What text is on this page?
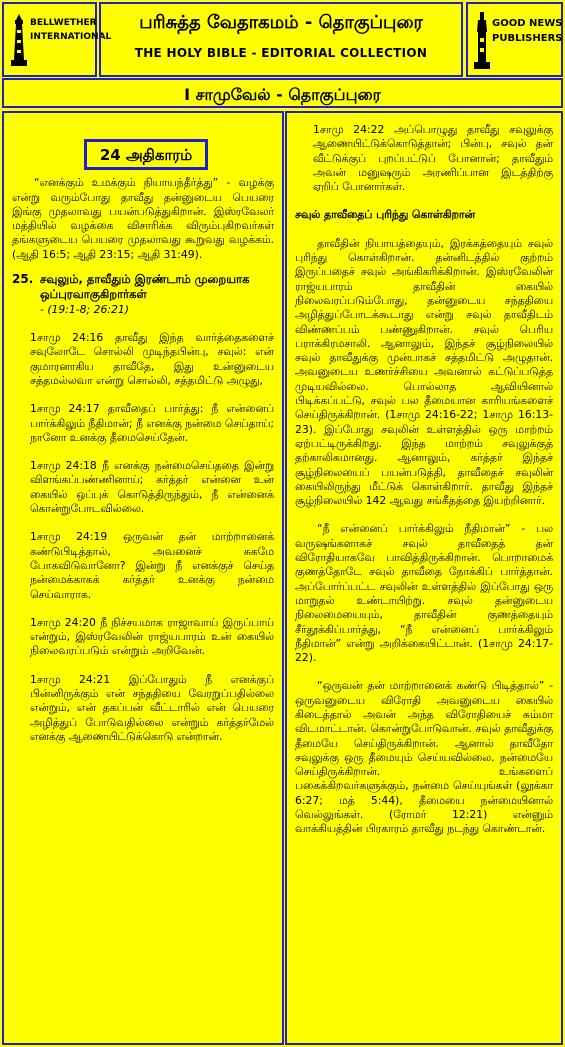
BELLWETHER
INTERNATIONAL
பரிசுத்த வேதாகமம் - தொகுப்புரை
THE HOLY BIBLE - EDITORIAL COLLECTION
GOOD NEWS
PUBLISHERS
I சாமுவேல் - தொகுப்புரை
24 அதிகாரம்

“எனக்கும் உமக்கும் நியாயந்தீர்த்து” - வழக்கு என்று வரும்போது தாவீது தன்னுடைய பெயரை இங்கு முதலாவது பயன்படுத்துகிறான். இஸ்ரவேலர் மத்தியில் வழக்கை விசாரிக்க விரும்புகிறவர்கள் தங்களுடைய பெயரை முதலாவது கூறுவது வழக்கம். (ஆதி 16:5; ஆதி 23:15; ஆதி 31:49).

25. சவுலும், தாவீதும் இரண்டாம் முறையாக ஒப்புரவாகுகிறார்கள்
- (19:1-8; 26:21)

1சாமு 24:16 தாவீது இந்த வார்த்தைகளைச் சவுலோடே சொல்லி முடிந்தபின்பு, சவுல்: என் குமாரனாகிய தாவீதே, இது உன்னுடைய சத்தமல்லவா என்று சொல்லி, சத்தமிட்டு அழுது,

1சாமு 24:17 தாவீதைப் பார்த்து: நீ என்னைப் பார்க்கிலும் நீதிமான்; நீ எனக்கு நன்மை செய்தாய்; நானோ உனக்கு தீமைசெய்தேன்.

1சாமு 24:18 நீ எனக்கு நன்மைசெய்ததை இன்று விளங்கப்பண்ணினாய்; கர்த்தர் என்னை உன் கையில் ஒப்புக் கொடுத்திருந்தும், நீ என்னைக் கொன்றுபோடவில்லை.

1சாமு 24:19 ஒருவன் தன் மாற்றானைக் கண்டுபிடித்தால், அவனைச் சுகமே போகவிடுவானோ? இன்று நீ எனக்குச் செய்த நன்மைக்காகக் கர்த்தர் உனக்கு நன்மை செய்வாராக.

1சாமு 24:20 நீ நிச்சயமாக ராஜாவாய் இருப்பாய் என்றும், இஸ்ரவேலின் ராஜ்யபாரம் உன் கையில் நிலைவரப்படும் என்றும் அறிவேன்.

1சாமு 24:21 இப்போதும் நீ எனக்குப் பின்னிருக்கும் என் சந்ததியை வேரறுப்பதில்லை என்றும், என் தகப்பன் வீட்டாரில் என் பெயரை அழித்துப் போடுவதில்லை என்றும் கர்த்தர்மேல் எனக்கு ஆணையிட்டுக்கொடு என்றான்.

1சாமு 24:22 அப்பொழுது தாவீது சவுலுக்கு ஆணையிட்டுக்கொடுத்தான்; பின்பு, சவுல் தன் வீட்டுக்குப் புறப்பட்டுப் போனான்; தாவீதும் அவன் மனுஷரும் அரணிப்பான இடத்திற்கு ஏறிப் போனார்கள்.

சவுல் தாவீதைப் புரிந்து கொள்கிறான்

தாவீதின் நியாயத்தையும், இரக்கத்தையும் சவுல் புரிந்து கொள்கிறான். தன்னிடத்தில் குற்றம் இருப்பதைச் சவுல் அங்கிகரிக்கிறான். இஸ்ரவேலின் ராஜ்யபாரம் தாவீதின் கையில் நிலைவரப்படும்போது, தன்னுடைய சந்ததியை அழித்துப்போடக்கூடாது என்று சவுல் தாவீதிடம் விண்ணப்பம் பண்ணுகிறான். சவுல் பெரிய பராக்கிரமசாலி. ஆனாலும், இந்தச் சூழ்நிலையில் சவுல் தாவீதுக்கு முன்பாகச் சத்தமிட்டு அழுதான். அவனுடைய உணர்ச்சியை அவனால் கட்டுப்படுத்த முடியவில்லை. பொல்லாத ஆவியினால் பிடிக்கப்பட்டு, சவுல் பல தீமையான காரியங்களைச் செய்திருக்கிறான். (1சாமு 24:16-22; 1சாமு 16:13-23). இப்போது சவுலின் உள்ளத்தில் ஒரு மாற்றம் ஏற்பட்டிருக்கிறது. இந்த மாற்றம் சவுலுக்குத் தற்காலிகமானது. ஆனாலும், கர்த்தர் இந்தச் சூழ்நிலையைப் பயன்படுத்தி, தாவீதைச் சவுலின் கையிலிருந்து மீட்டுக் கொள்கிறார். தாவீது இந்தச் சூழ்நிலையில் 142 ஆவது சங்கீதத்தை இயற்றினார்.

“நீ என்னைப் பார்க்கிலும் நீதிமான்” - பல வருஷங்களாகச் சவுல் தாவீதைத் தன் விரோதியாகவே பாவித்திருக்கிறான். பொறாமைக் குணத்தோடே சவுல் தாவீதை நோக்கிப் பார்த்தான். அப்போர்ப்பட்ட சவுலின் உள்ளத்தில் இப்போது ஒரு மாறுதல் உண்டாயிற்று. சவுல் தன்னுடைய நிலைமையையும், தாவீதின் குணத்தையும் சீர்தூக்கிப்பார்த்து, “நீ என்னைப் பார்க்கிலும் நீதிமான்” என்று அறிக்கையிட்டான். (1சாமு 24:17-22).

“ஒருவன் தன் மாற்றானைக் கண்டு பிடித்தால்” - ஒருவனுடைய விரோதி அவனுடைய கையில் கிடைத்தால் அவன் அந்த விரோதியைச் சும்மா விடமாட்டான். கொன்றுபோடுவான். சவுல் தாவீதுக்கு தீமையே செய்திருக்கிறான். ஆனால் தாவீதோ சவுலுக்கு ஒரு தீமையும் செய்யவில்லை. நன்மையே செய்திருக்கிறான். உங்களைப் பகைக்கிறவர்களுக்கும், நன்மை செய்யுங்கள் (லூக்கா 6:27; மத் 5:44), தீமையை நன்மையினால் வெல்லுங்கள். (ரோமர் 12:21) என்னும் வாக்கியத்தின் பிரகாரம் தாவீது நடந்து கொண்டான்.
